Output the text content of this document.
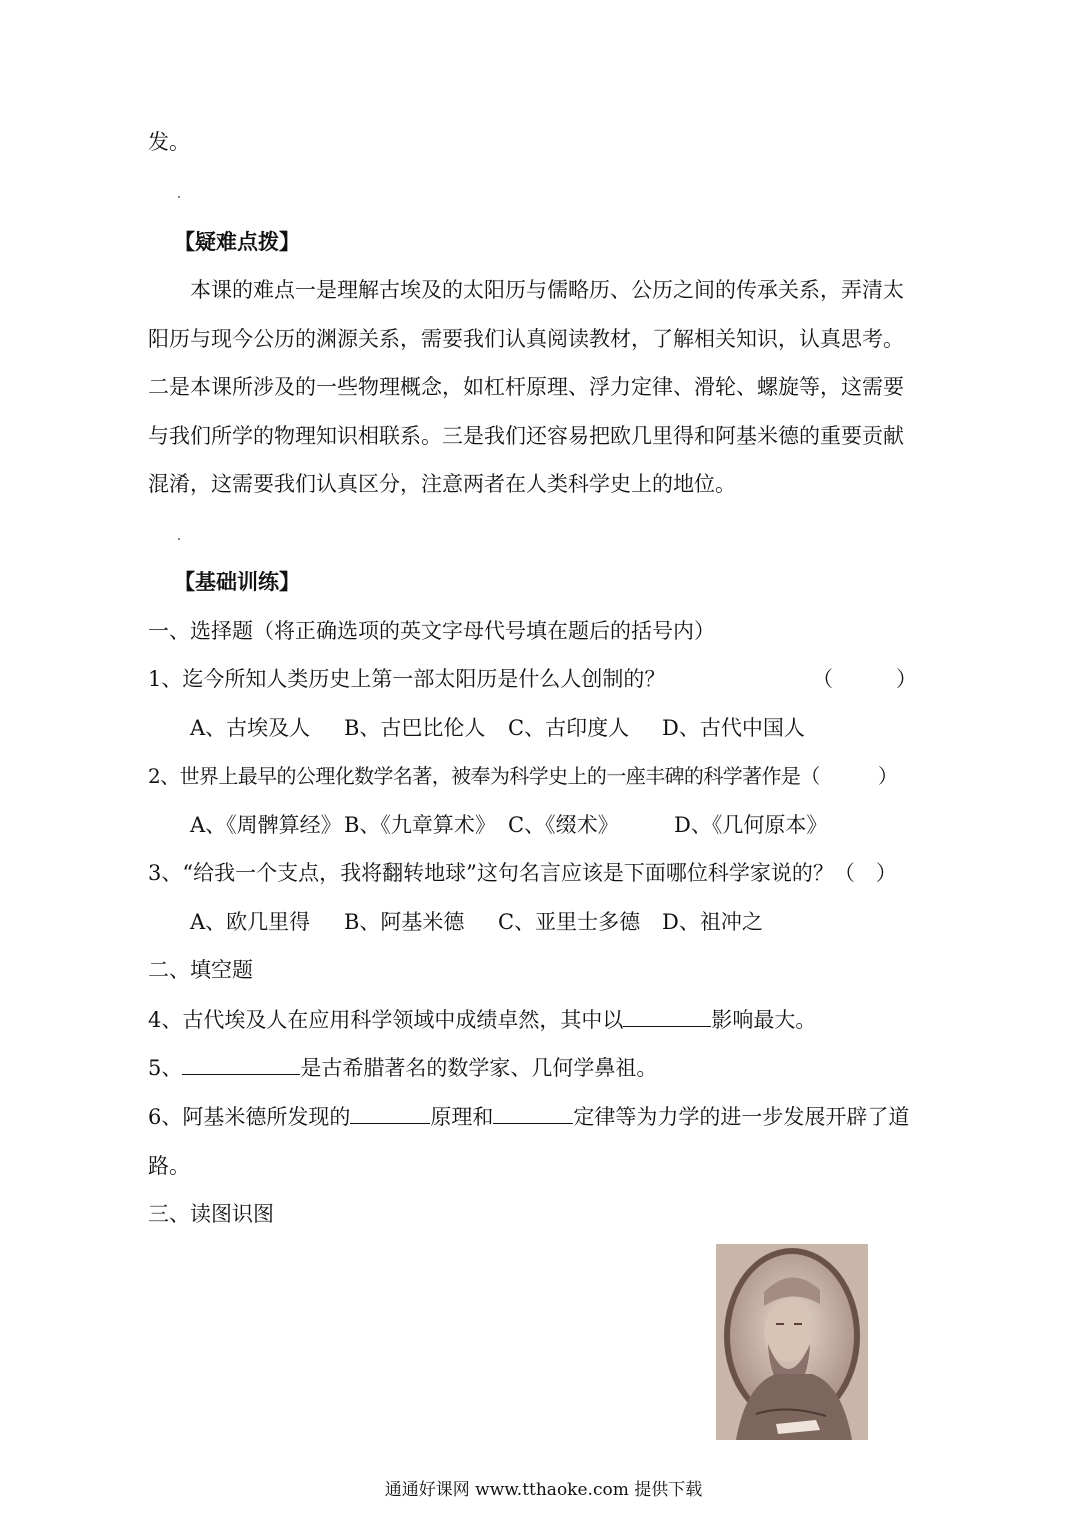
发。
【疑难点拨】
本课的难点一是理解古埃及的太阳历与儒略历、公历之间的传承关系，弄清太
阳历与现今公历的渊源关系，需要我们认真阅读教材，了解相关知识，认真思考。
二是本课所涉及的一些物理概念，如杠杆原理、浮力定律、滑轮、螺旋等，这需要
与我们所学的物理知识相联系。三是我们还容易把欧几里得和阿基米德的重要贡献
混淆，这需要我们认真区分，注意两者在人类科学史上的地位。
【基础训练】
一、选择题（将正确选项的英文字母代号填在题后的括号内）
1、迄今所知人类历史上第一部太阳历是什么人创制的？	（　　　）
A、古埃及人 B、古巴比伦人 C、古印度人 D、古代中国人
2、世界上最早的公理化数学名著，被奉为科学史上的一座丰碑的科学著作是（　　　）
A、《周髀算经》 B、《九章算术》 C、《缀术》	D、《几何原本》
3、“给我一个支点，我将翻转地球”这句名言应该是下面哪位科学家说的？（　）
A、欧几里得 B、阿基米德 C、亚里士多德 D、祖冲之
二、填空题
4、古代埃及人在应用科学领域中成绩卓然，其中以	影响最大。
5、	是古希腊著名的数学家、几何学鼻祖。
6、阿基米德所发现的	原理和	定律等为力学的进一步发展开辟了道
路。
三、读图识图
通通好课网 www.tthaoke.com 提供下载
